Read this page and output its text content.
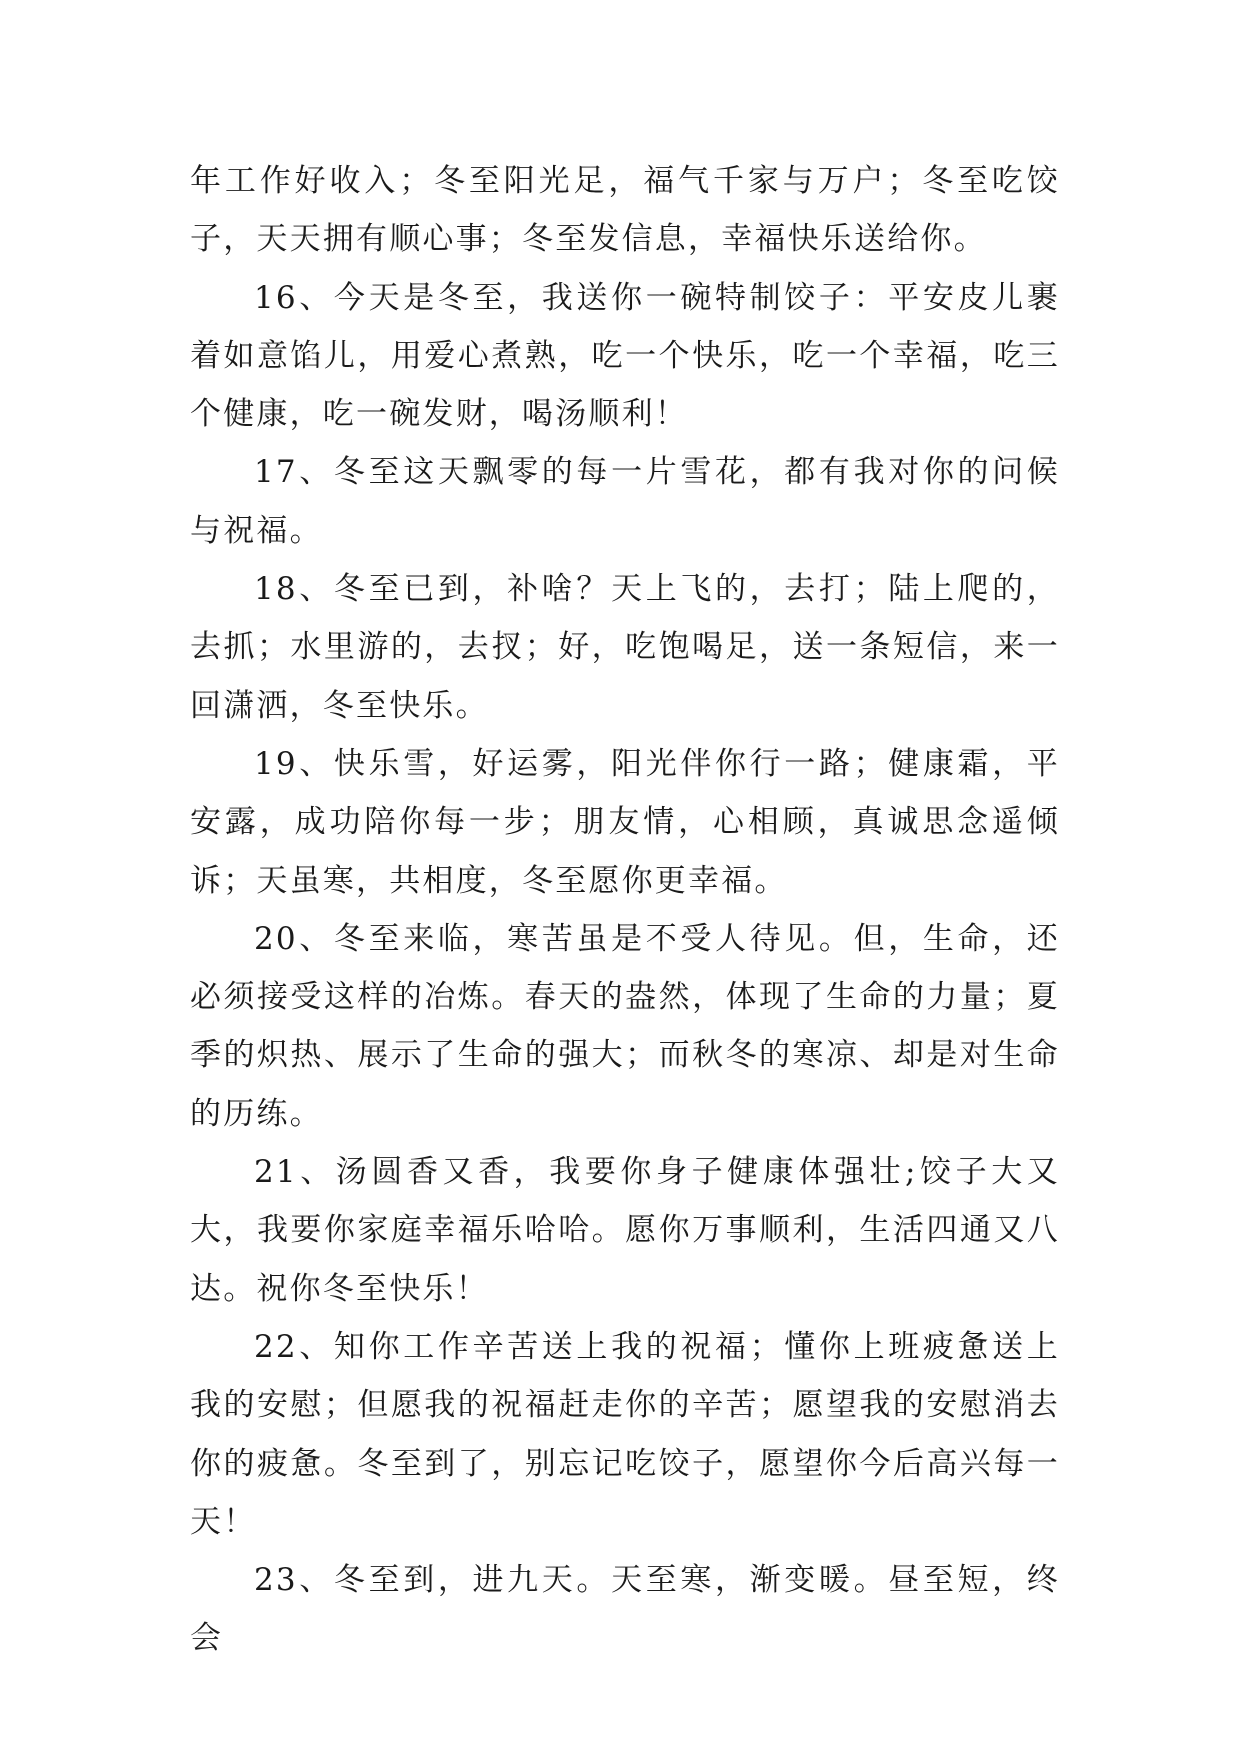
年工作好收入；冬至阳光足，福气千家与万户；冬至吃饺子，天天拥有顺心事；冬至发信息，幸福快乐送给你。

16、今天是冬至，我送你一碗特制饺子：平安皮儿裹着如意馅儿，用爱心煮熟，吃一个快乐，吃一个幸福，吃三个健康，吃一碗发财，喝汤顺利！

17、冬至这天飘零的每一片雪花，都有我对你的问候与祝福。

18、冬至已到，补啥？天上飞的，去打；陆上爬的，去抓；水里游的，去扠；好，吃饱喝足，送一条短信，来一回潇洒，冬至快乐。

19、快乐雪，好运雾，阳光伴你行一路；健康霜，平安露，成功陪你每一步；朋友情，心相顾，真诚思念遥倾诉；天虽寒，共相度，冬至愿你更幸福。

20、冬至来临，寒苦虽是不受人待见。但，生命，还必须接受这样的冶炼。春天的盎然，体现了生命的力量；夏季的炽热、展示了生命的强大；而秋冬的寒凉、却是对生命的历练。

21、汤圆香又香，我要你身子健康体强壮;饺子大又大，我要你家庭幸福乐哈哈。愿你万事顺利，生活四通又八达。祝你冬至快乐！

22、知你工作辛苦送上我的祝福；懂你上班疲惫送上我的安慰；但愿我的祝福赶走你的辛苦；愿望我的安慰消去你的疲惫。冬至到了，别忘记吃饺子，愿望你今后高兴每一天！

23、冬至到，进九天。天至寒，渐变暖。昼至短，终会
